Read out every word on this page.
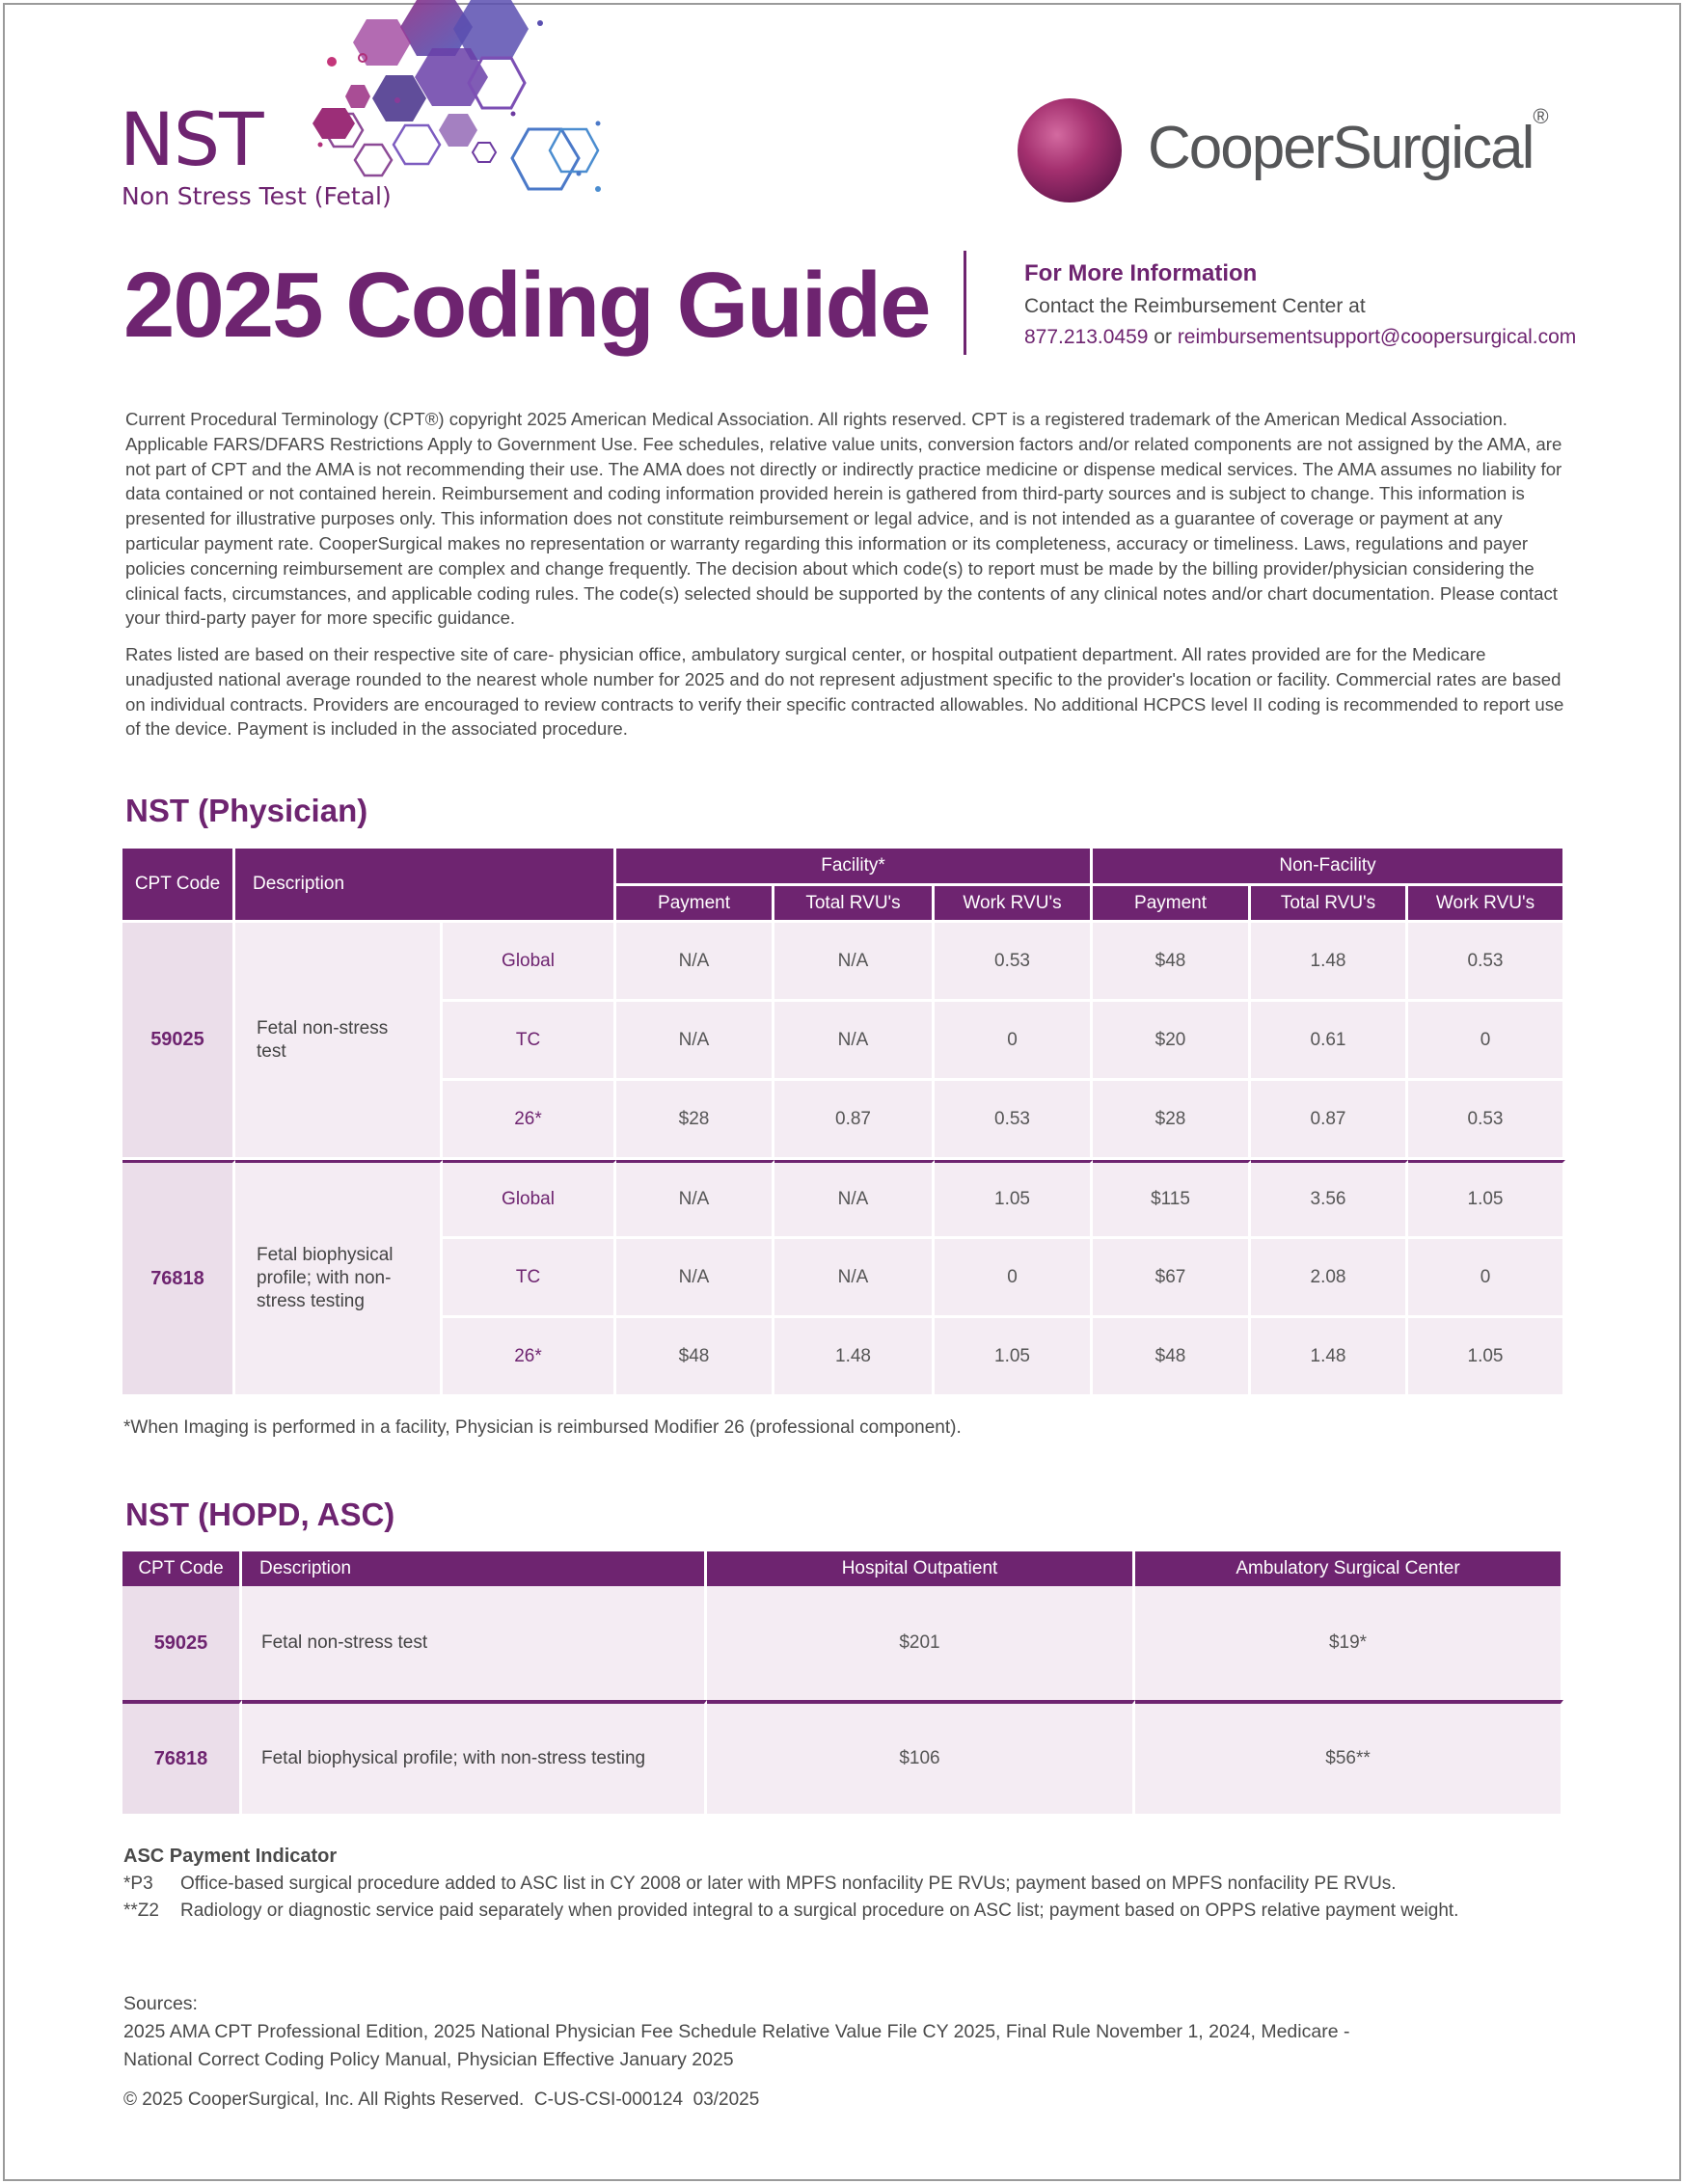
NST
Non Stress Test (Fetal)
CooperSurgical®
2025 Coding Guide	For More Information
Contact the Reimbursement Center at
877.213.0459 or reimbursementsupport@coopersurgical.com

Current Procedural Terminology (CPT®) copyright 2025 American Medical Association. All rights reserved. CPT is a registered trademark of the American Medical Association. Applicable FARS/DFARS Restrictions Apply to Government Use. Fee schedules, relative value units, conversion factors and/or related components are not assigned by the AMA, are not part of CPT and the AMA is not recommending their use. The AMA does not directly or indirectly practice medicine or dispense medical services. The AMA assumes no liability for data contained or not contained herein. Reimbursement and coding information provided herein is gathered from third-party sources and is subject to change. This information is presented for illustrative purposes only. This information does not constitute reimbursement or legal advice, and is not intended as a guarantee of coverage or payment at any particular payment rate. CooperSurgical makes no representation or warranty regarding this information or its completeness, accuracy or timeliness. Laws, regulations and payer policies concerning reimbursement are complex and change frequently. The decision about which code(s) to report must be made by the billing provider/physician considering the clinical facts, circumstances, and applicable coding rules. The code(s) selected should be supported by the contents of any clinical notes and/or chart documentation. Please contact your third-party payer for more specific guidance.

Rates listed are based on their respective site of care- physician office, ambulatory surgical center, or hospital outpatient department. All rates provided are for the Medicare unadjusted national average rounded to the nearest whole number for 2025 and do not represent adjustment specific to the provider's location or facility. Commercial rates are based on individual contracts. Providers are encouraged to review contracts to verify their specific contracted allowables. No additional HCPCS level II coding is recommended to report use of the device. Payment is included in the associated procedure.

NST (Physician)
CPT Code	Description		Facility*			Non-Facility		
			Payment	Total RVU's	Work RVU's	Payment	Total RVU's	Work RVU's
59025	Fetal non-stress test	Global	N/A	N/A	0.53	$48	1.48	0.53
		TC	N/A	N/A	0	$20	0.61	0
		26*	$28	0.87	0.53	$28	0.87	0.53
76818	Fetal biophysical profile; with non-stress testing	Global	N/A	N/A	1.05	$115	3.56	1.05
		TC	N/A	N/A	0	$67	2.08	0
		26*	$48	1.48	1.05	$48	1.48	1.05
*When Imaging is performed in a facility, Physician is reimbursed Modifier 26 (professional component).
NST (HOPD, ASC)
CPT Code	Description	Hospital Outpatient	Ambulatory Surgical Center
59025	Fetal non-stress test	$201	$19*
76818	Fetal biophysical profile; with non-stress testing	$106	$56**
ASC Payment Indicator
*P3	Office-based surgical procedure added to ASC list in CY 2008 or later with MPFS nonfacility PE RVUs; payment based on MPFS nonfacility PE RVUs.
**Z2	Radiology or diagnostic service paid separately when provided integral to a surgical procedure on ASC list; payment based on OPPS relative payment weight.
Sources:
2025 AMA CPT Professional Edition, 2025 National Physician Fee Schedule Relative Value File CY 2025, Final Rule November 1, 2024, Medicare -
National Correct Coding Policy Manual, Physician Effective January 2025
© 2025 CooperSurgical, Inc. All Rights Reserved.  C-US-CSI-000124  03/2025
